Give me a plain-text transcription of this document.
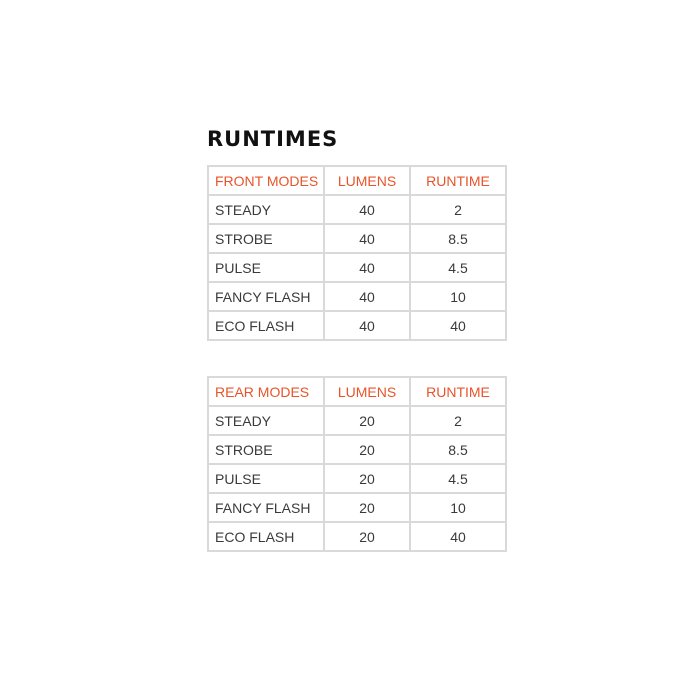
RUNTIMES
FRONT MODES	LUMENS	RUNTIME
STEADY	40	2
STROBE	40	8.5
PULSE	40	4.5
FANCY FLASH	40	10
ECO FLASH	40	40
REAR MODES	LUMENS	RUNTIME
STEADY	20	2
STROBE	20	8.5
PULSE	20	4.5
FANCY FLASH	20	10
ECO FLASH	20	40
